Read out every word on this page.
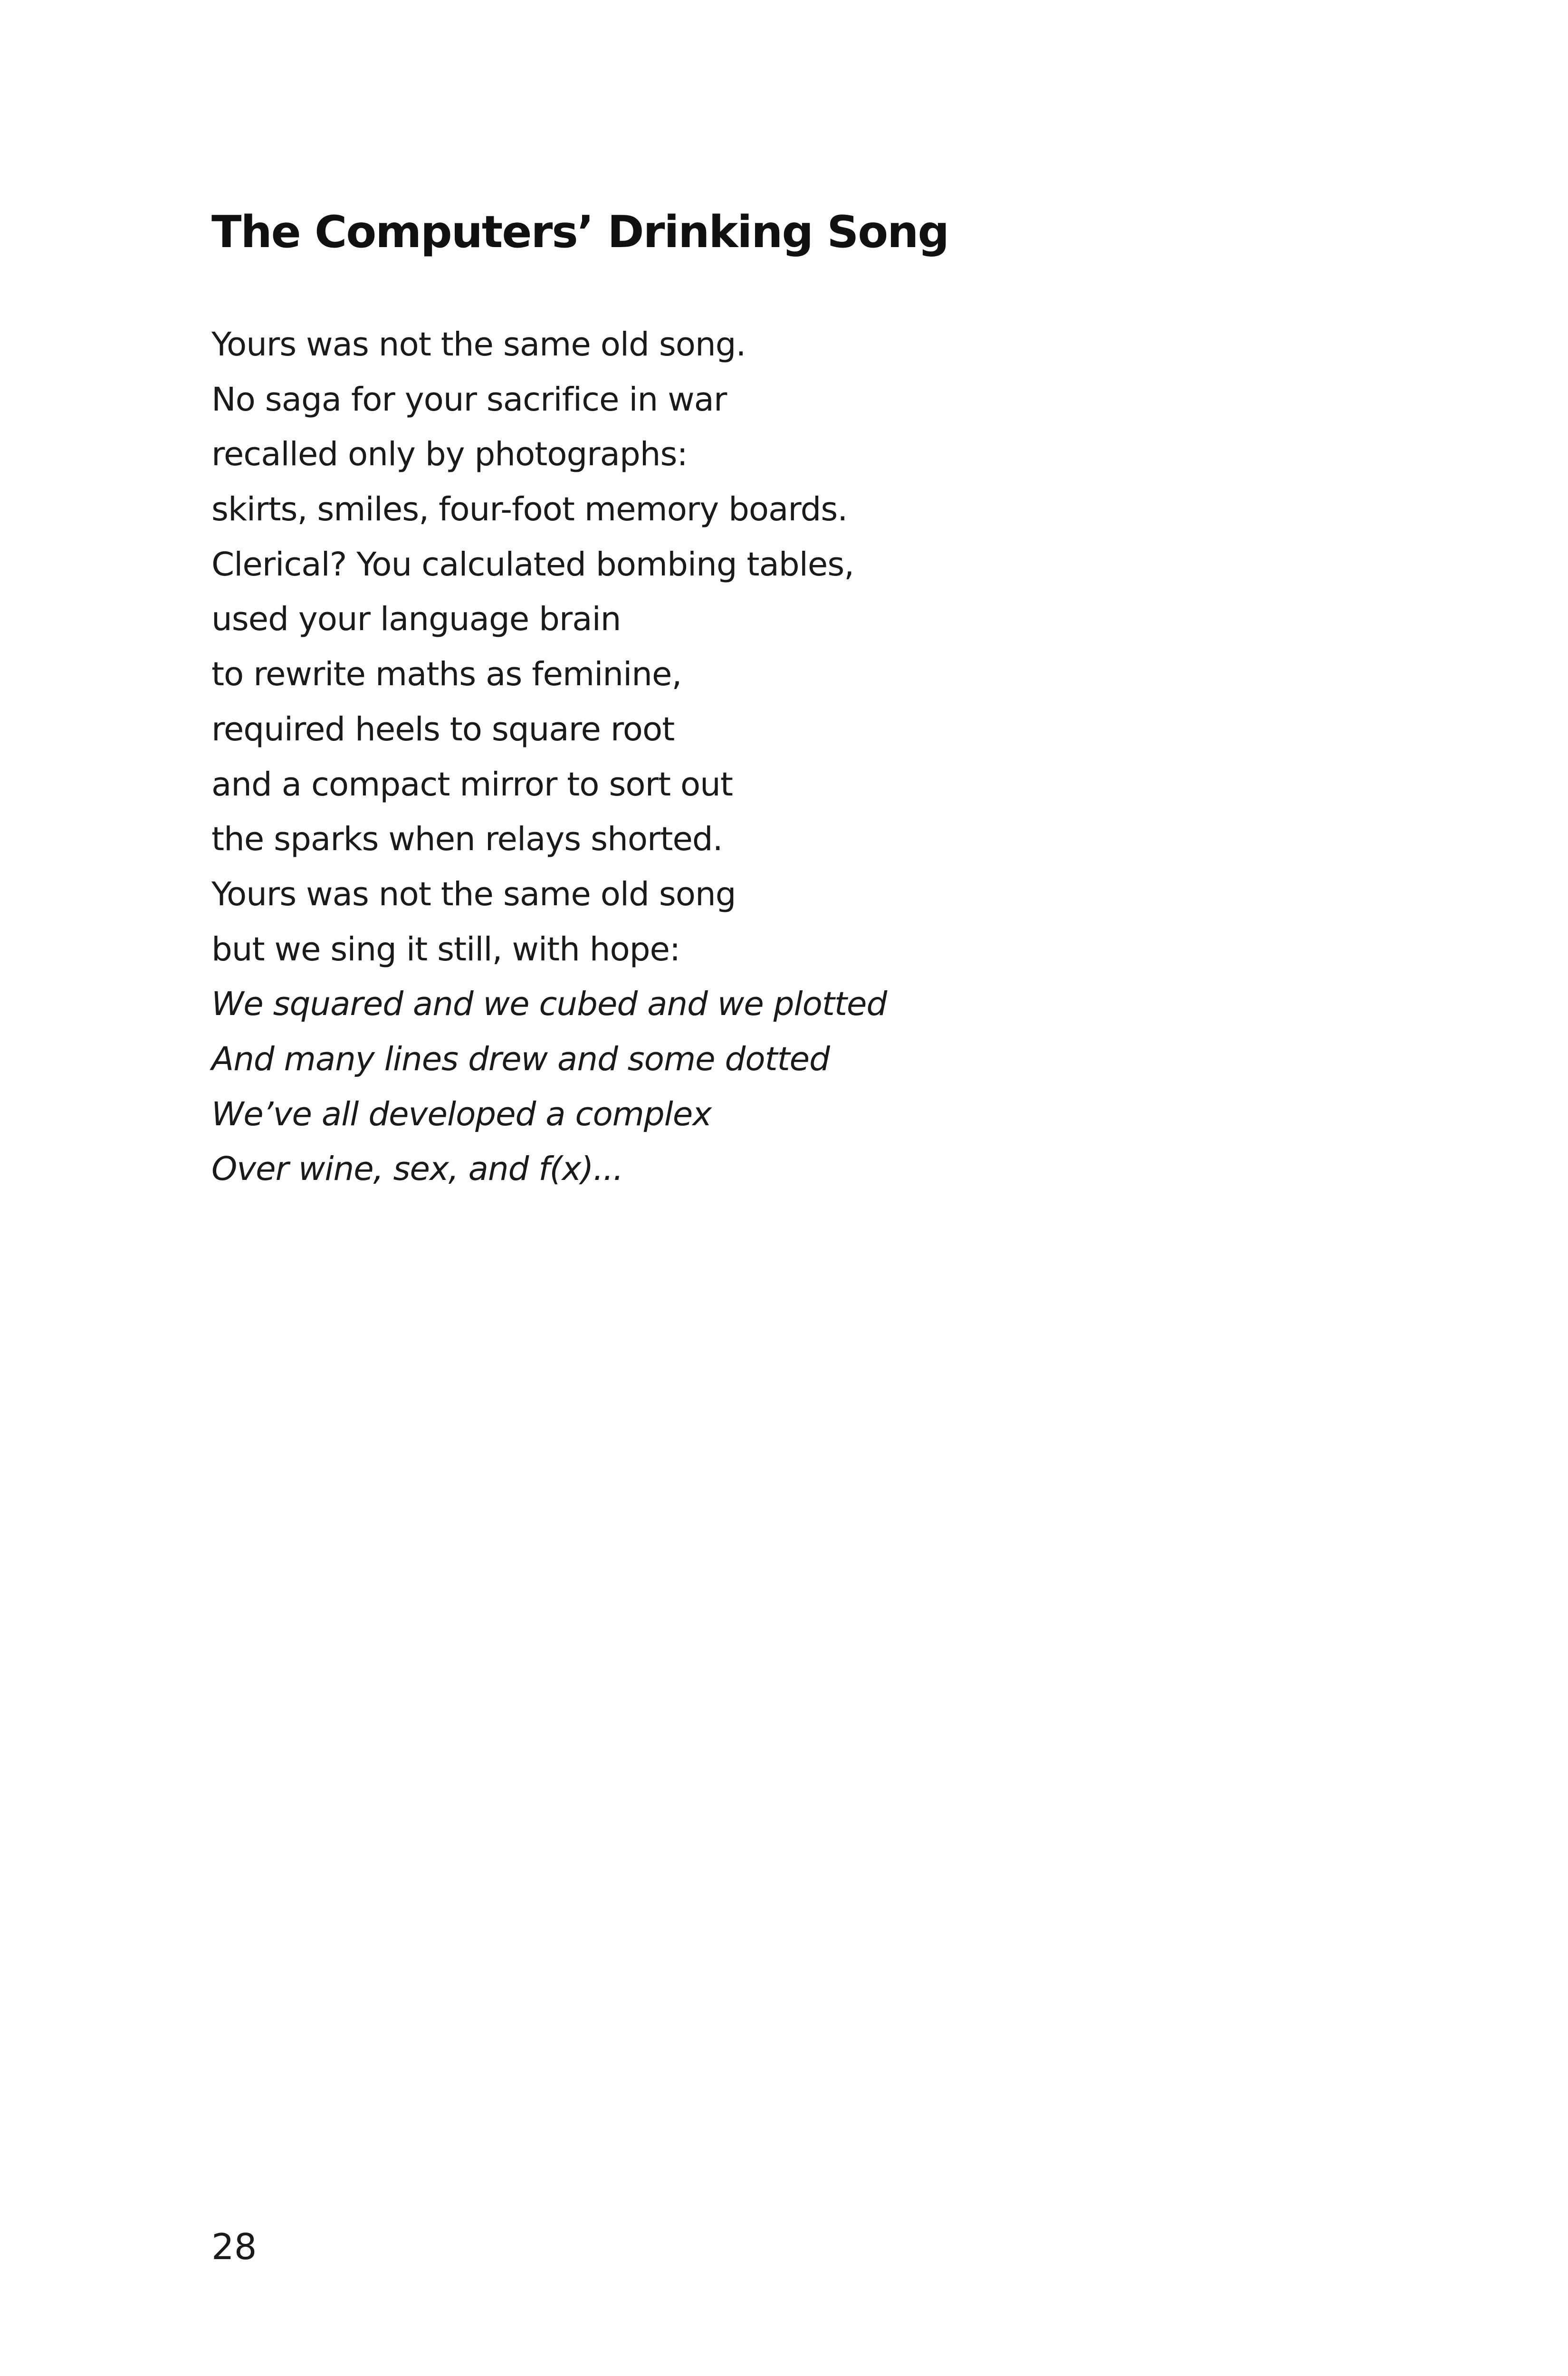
The Computers’ Drinking Song
Yours was not the same old song.
No saga for your sacrifice in war
recalled only by photographs:
skirts, smiles, four-foot memory boards.
Clerical? You calculated bombing tables,
used your language brain
to rewrite maths as feminine,
required heels to square root
and a compact mirror to sort out
the sparks when relays shorted.
Yours was not the same old song
but we sing it still, with hope:
We squared and we cubed and we plotted
And many lines drew and some dotted
We’ve all developed a complex
Over wine, sex, and f(x)...
28
